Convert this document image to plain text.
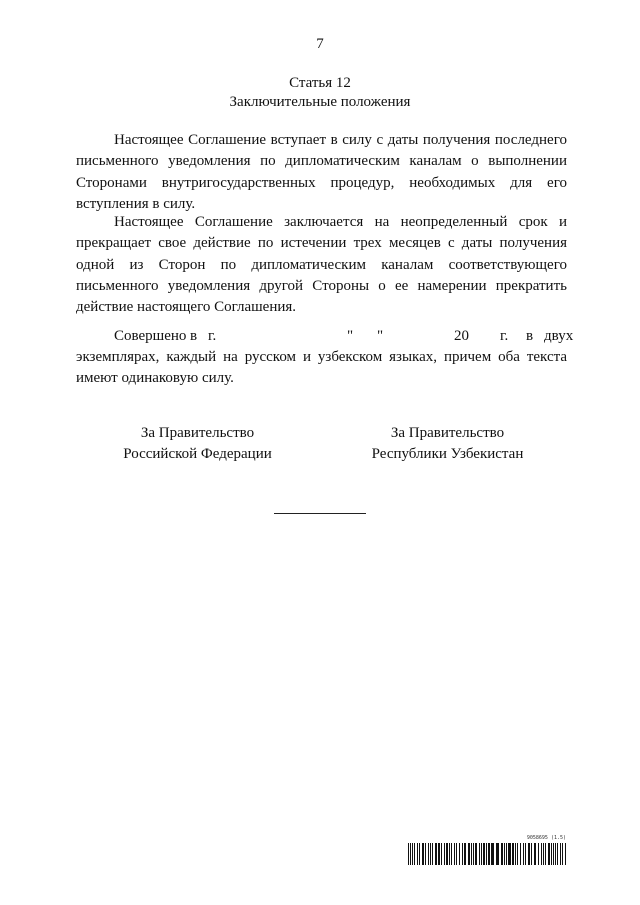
7
Статья 12
Заключительные положения

Настоящее Соглашение вступает в силу с даты получения последнего письменного уведомления по дипломатическим каналам о выполнении Сторонами внутригосударственных процедур, необходимых для его вступления в силу.

Настоящее Соглашение заключается на неопределенный срок и прекращает свое действие по истечении трех месяцев с даты получения одной из Сторон по дипломатическим каналам соответствующего письменного уведомления другой Стороны о ее намерении прекратить действие настоящего Соглашения.

Совершено в г.	" "	20 г. в двух

экземплярах, каждый на русском и узбекском языках, причем оба текста имеют одинаковую силу.

За Правительство
Российской Федерации
За Правительство
Республики Узбекистан
9058695 (1.5)
